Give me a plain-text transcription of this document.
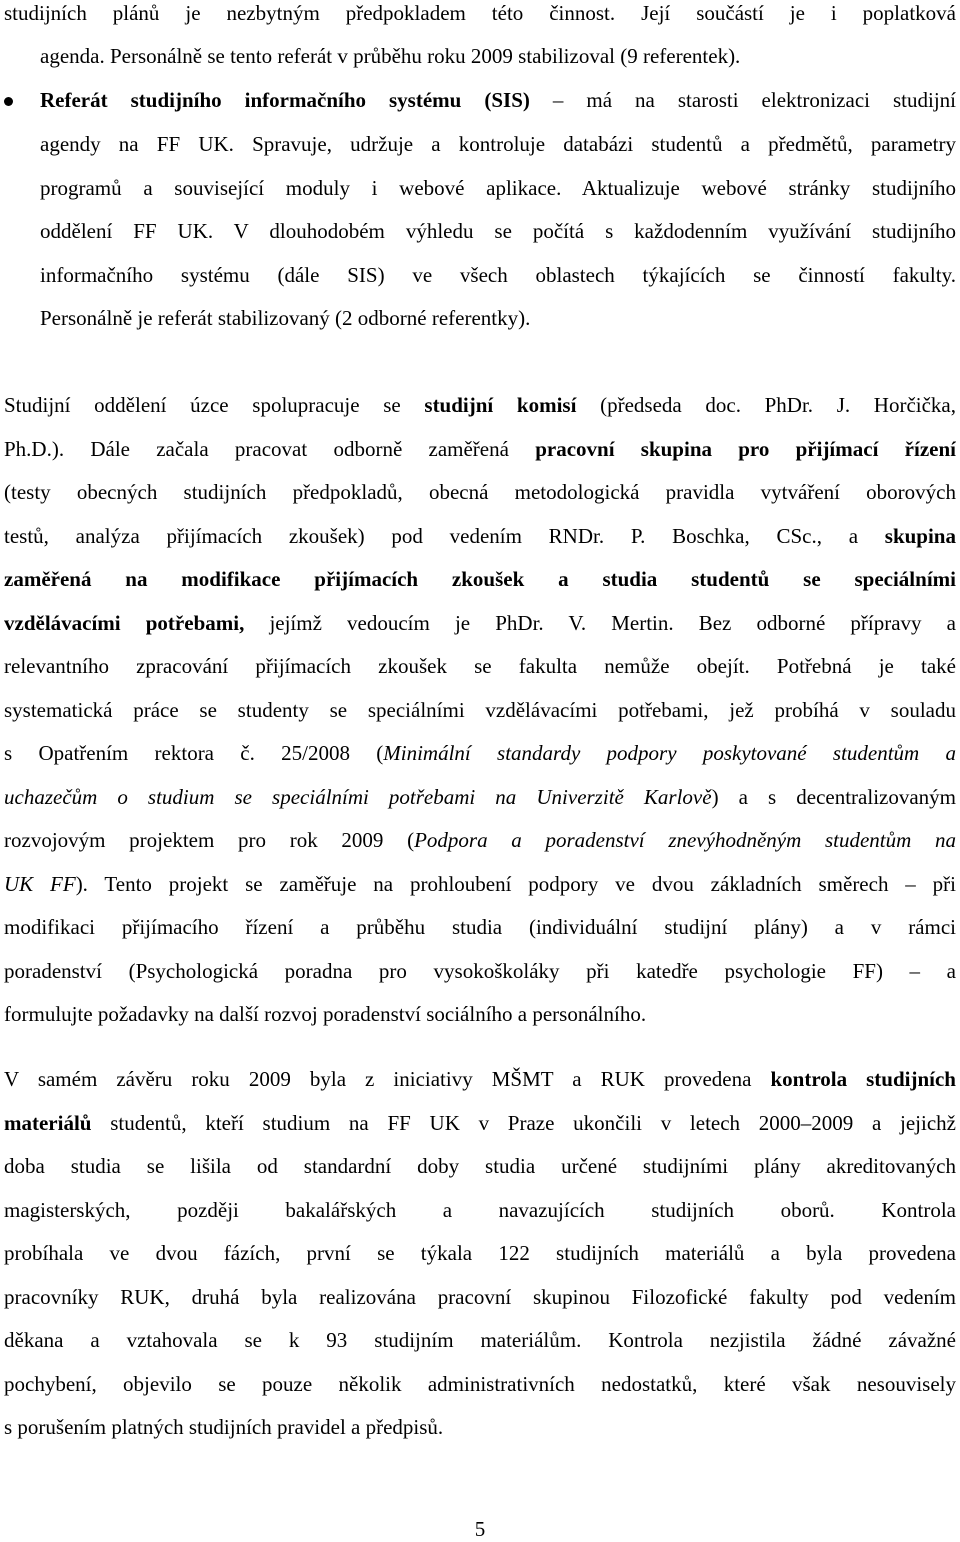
studijních plánů je nezbytným předpokladem této činnost. Její součástí je i poplatková
agenda. Personálně se tento referát v průběhu roku 2009 stabilizoval (9 referentek).
Referát studijního informačního systému (SIS) – má na starosti elektronizaci studijní
agendy na FF UK. Spravuje, udržuje a kontroluje databázi studentů a předmětů, parametry
programů a související moduly i webové aplikace. Aktualizuje webové stránky studijního
oddělení FF UK. V dlouhodobém výhledu se počítá s každodenním využívání studijního
informačního systému (dále SIS) ve všech oblastech týkajících se činností fakulty.
Personálně je referát stabilizovaný (2 odborné referentky).
Studijní oddělení úzce spolupracuje se studijní komisí (předseda doc. PhDr. J. Horčička,
Ph.D.). Dále začala pracovat odborně zaměřená pracovní skupina pro přijímací řízení
(testy obecných studijních předpokladů, obecná metodologická pravidla vytváření oborových
testů, analýza přijímacích zkoušek) pod vedením RNDr. P. Boschka, CSc., a skupina
zaměřená na modifikace přijímacích zkoušek a studia studentů se speciálními
vzdělávacími potřebami, jejímž vedoucím je PhDr. V. Mertin. Bez odborné přípravy a
relevantního zpracování přijímacích zkoušek se fakulta nemůže obejít. Potřebná je také
systematická práce se studenty se speciálními vzdělávacími potřebami, jež probíhá v souladu
s Opatřením rektora č. 25/2008 (Minimální standardy podpory poskytované studentům a
uchazečům o studium se speciálními potřebami na Univerzitě Karlově) a s decentralizovaným
rozvojovým projektem pro rok 2009 (Podpora a poradenství znevýhodněným studentům na
UK FF). Tento projekt se zaměřuje na prohloubení podpory ve dvou základních směrech – při
modifikaci přijímacího řízení a průběhu studia (individuální studijní plány) a v rámci
poradenství (Psychologická poradna pro vysokoškoláky při katedře psychologie FF) – a
formulujte požadavky na další rozvoj poradenství sociálního a personálního.
V samém závěru roku 2009 byla z iniciativy MŠMT a RUK provedena kontrola studijních
materiálů studentů, kteří studium na FF UK v Praze ukončili v letech 2000–2009 a jejichž
doba studia se lišila od standardní doby studia určené studijními plány akreditovaných
magisterských, později bakalářských a navazujících studijních oborů. Kontrola
probíhala ve dvou fázích, první se týkala 122 studijních materiálů a byla provedena
pracovníky RUK, druhá byla realizována pracovní skupinou Filozofické fakulty pod vedením
děkana a vztahovala se k 93 studijním materiálům. Kontrola nezjistila žádné závažné
pochybení, objevilo se pouze několik administrativních nedostatků, které však nesouvisely
s porušením platných studijních pravidel a předpisů.
5
